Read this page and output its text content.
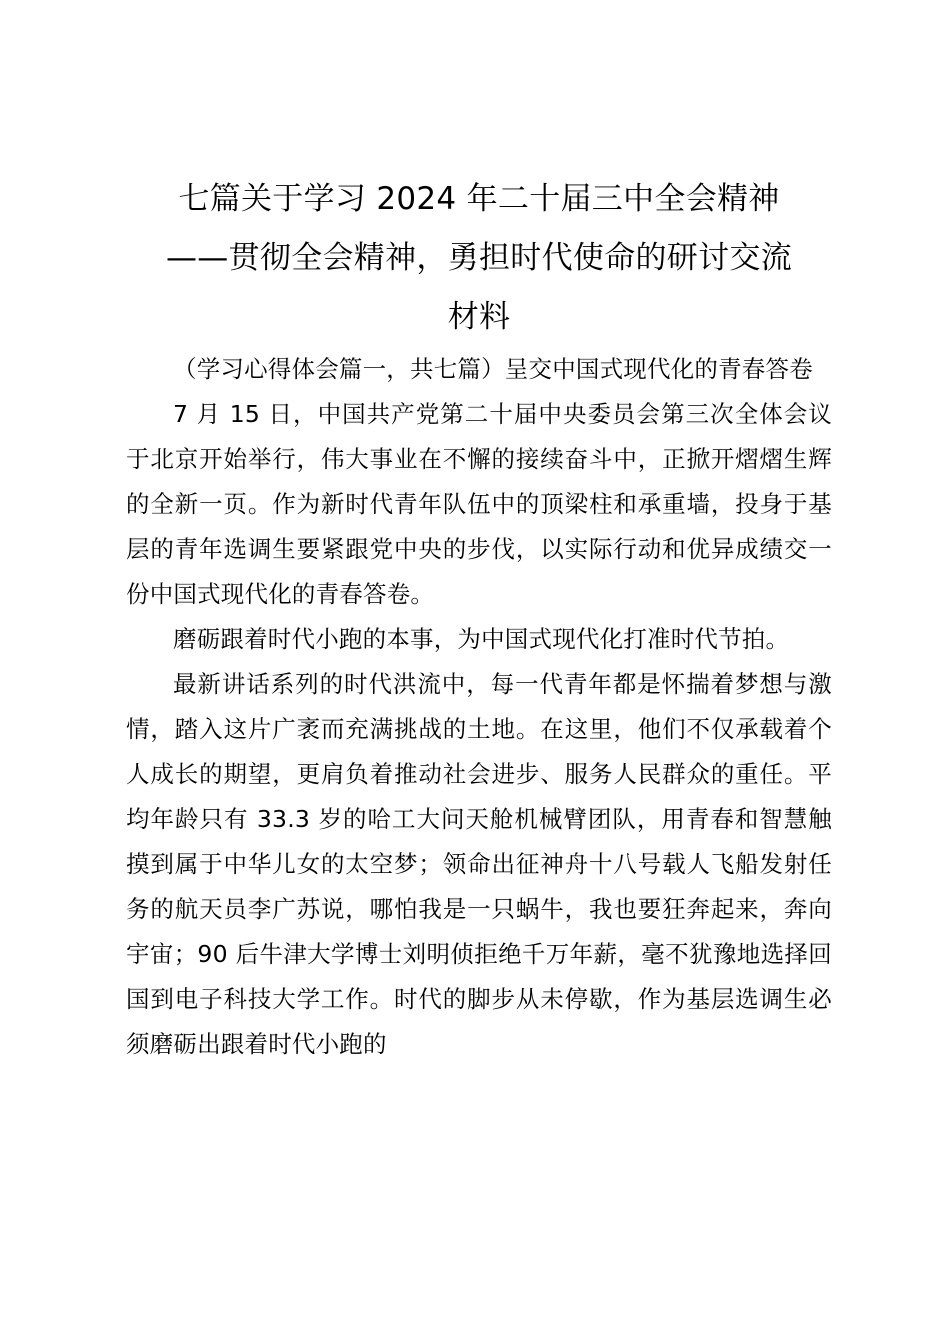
七篇关于学习 2024 年二十届三中全会精神
——贯彻全会精神，勇担时代使命的研讨交流
材料

（学习心得体会篇一，共七篇）呈交中国式现代化的青春答卷

7 月 15 日，中国共产党第二十届中央委员会第三次全体会议于北京开始举行，伟大事业在不懈的接续奋斗中，正掀开熠熠生辉的全新一页。作为新时代青年队伍中的顶梁柱和承重墙，投身于基层的青年选调生要紧跟党中央的步伐，以实际行动和优异成绩交一份中国式现代化的青春答卷。

磨砺跟着时代小跑的本事，为中国式现代化打准时代节拍。

最新讲话系列的时代洪流中，每一代青年都是怀揣着梦想与激情，踏入这片广袤而充满挑战的土地。在这里，他们不仅承载着个人成长的期望，更肩负着推动社会进步、服务人民群众的重任。平均年龄只有 33.3 岁的哈工大问天舱机械臂团队，用青春和智慧触摸到属于中华儿女的太空梦；领命出征神舟十八号载人飞船发射任务的航天员李广苏说，哪怕我是一只蜗牛，我也要狂奔起来，奔向宇宙；90 后牛津大学博士刘明侦拒绝千万年薪，毫不犹豫地选择回国到电子科技大学工作。时代的脚步从未停歇，作为基层选调生必须磨砺出跟着时代小跑的
